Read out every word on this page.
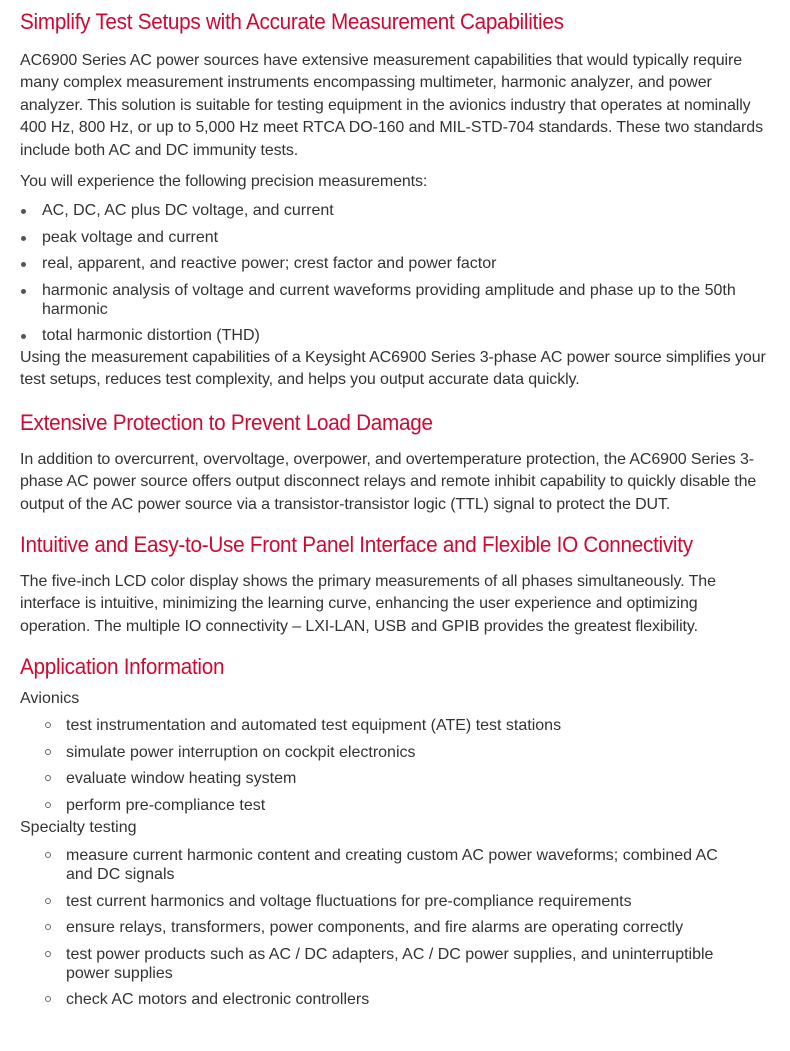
Simplify Test Setups with Accurate Measurement Capabilities

AC6900 Series AC power sources have extensive measurement capabilities that would typically require many complex measurement instruments encompassing multimeter, harmonic analyzer, and power analyzer. This solution is suitable for testing equipment in the avionics industry that operates at nominally 400 Hz, 800 Hz, or up to 5,000 Hz meet RTCA DO-160 and MIL-STD-704 standards. These two standards include both AC and DC immunity tests.

You will experience the following precision measurements:

AC, DC, AC plus DC voltage, and current
peak voltage and current
real, apparent, and reactive power; crest factor and power factor
harmonic analysis of voltage and current waveforms providing amplitude and phase up to the 50th harmonic
total harmonic distortion (THD)

Using the measurement capabilities of a Keysight AC6900 Series 3-phase AC power source simplifies your test setups, reduces test complexity, and helps you output accurate data quickly.

Extensive Protection to Prevent Load Damage

In addition to overcurrent, overvoltage, overpower, and overtemperature protection, the AC6900 Series 3-phase AC power source offers output disconnect relays and remote inhibit capability to quickly disable the output of the AC power source via a transistor-transistor logic (TTL) signal to protect the DUT.

Intuitive and Easy-to-Use Front Panel Interface and Flexible IO Connectivity

The five-inch LCD color display shows the primary measurements of all phases simultaneously. The interface is intuitive, minimizing the learning curve, enhancing the user experience and optimizing operation. The multiple IO connectivity – LXI-LAN, USB and GPIB provides the greatest flexibility.

Application Information
Avionics
test instrumentation and automated test equipment (ATE) test stations
simulate power interruption on cockpit electronics
evaluate window heating system
perform pre-compliance test
Specialty testing
measure current harmonic content and creating custom AC power waveforms; combined AC and DC signals
test current harmonics and voltage fluctuations for pre-compliance requirements
ensure relays, transformers, power components, and fire alarms are operating correctly
test power products such as AC / DC adapters, AC / DC power supplies, and uninterruptible power supplies
check AC motors and electronic controllers
